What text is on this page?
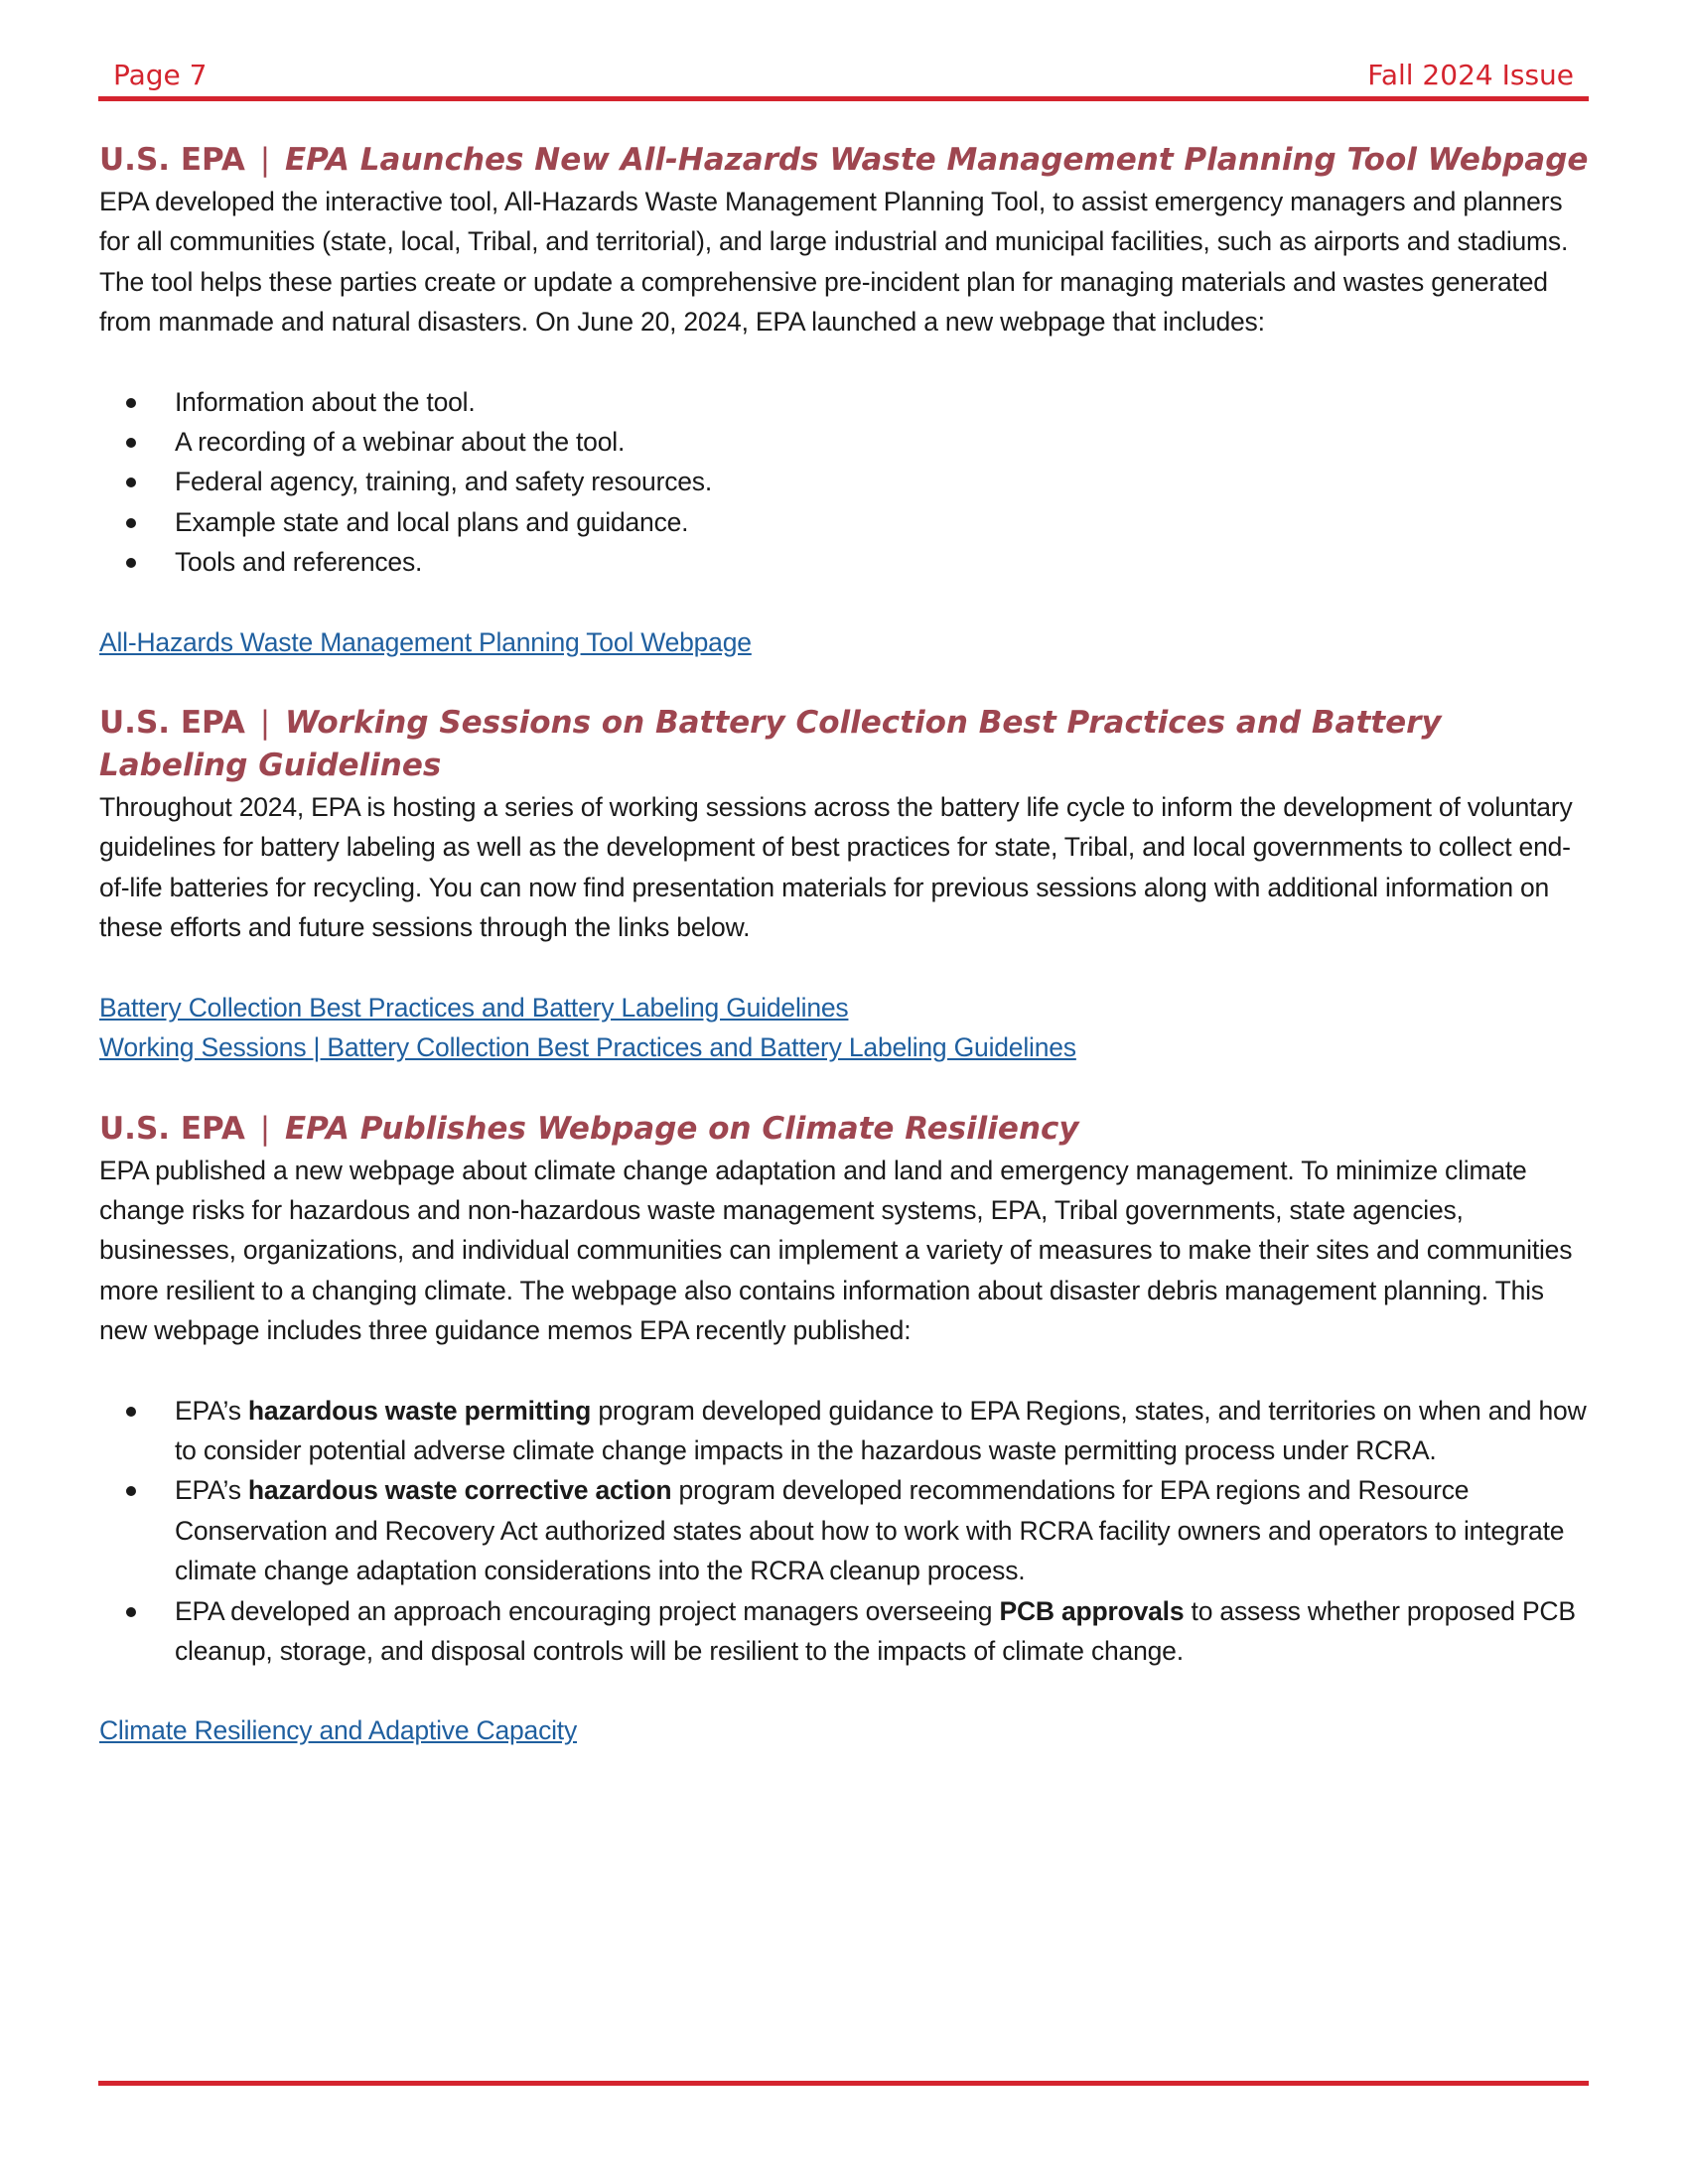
Page 7	Fall 2024 Issue
U.S. EPA | EPA Launches New All-Hazards Waste Management Planning Tool Webpage

EPA developed the interactive tool, All-Hazards Waste Management Planning Tool, to assist emergency managers and planners for all communities (state, local, Tribal, and territorial), and large industrial and municipal facilities, such as airports and stadiums. The tool helps these parties create or update a comprehensive pre-incident plan for managing materials and wastes generated from manmade and natural disasters. On June 20, 2024, EPA launched a new webpage that includes:

Information about the tool.
A recording of a webinar about the tool.
Federal agency, training, and safety resources.
Example state and local plans and guidance.
Tools and references.
All-Hazards Waste Management Planning Tool Webpage
U.S. EPA | Working Sessions on Battery Collection Best Practices and Battery Labeling Guidelines

Throughout 2024, EPA is hosting a series of working sessions across the battery life cycle to inform the development of voluntary guidelines for battery labeling as well as the development of best practices for state, Tribal, and local governments to collect end-of-life batteries for recycling. You can now find presentation materials for previous sessions along with additional information on these efforts and future sessions through the links below.

Battery Collection Best Practices and Battery Labeling Guidelines
Working Sessions | Battery Collection Best Practices and Battery Labeling Guidelines
U.S. EPA | EPA Publishes Webpage on Climate Resiliency

EPA published a new webpage about climate change adaptation and land and emergency management. To minimize climate change risks for hazardous and non-hazardous waste management systems, EPA, Tribal governments, state agencies, businesses, organizations, and individual communities can implement a variety of measures to make their sites and communities more resilient to a changing climate. The webpage also contains information about disaster debris management planning. This new webpage includes three guidance memos EPA recently published:

EPA’s hazardous waste permitting program developed guidance to EPA Regions, states, and territories on when and how to consider potential adverse climate change impacts in the hazardous waste permitting process under RCRA.
EPA’s hazardous waste corrective action program developed recommendations for EPA regions and Resource Conservation and Recovery Act authorized states about how to work with RCRA facility owners and operators to integrate climate change adaptation considerations into the RCRA cleanup process.
EPA developed an approach encouraging project managers overseeing PCB approvals to assess whether proposed PCB cleanup, storage, and disposal controls will be resilient to the impacts of climate change.
Climate Resiliency and Adaptive Capacity
